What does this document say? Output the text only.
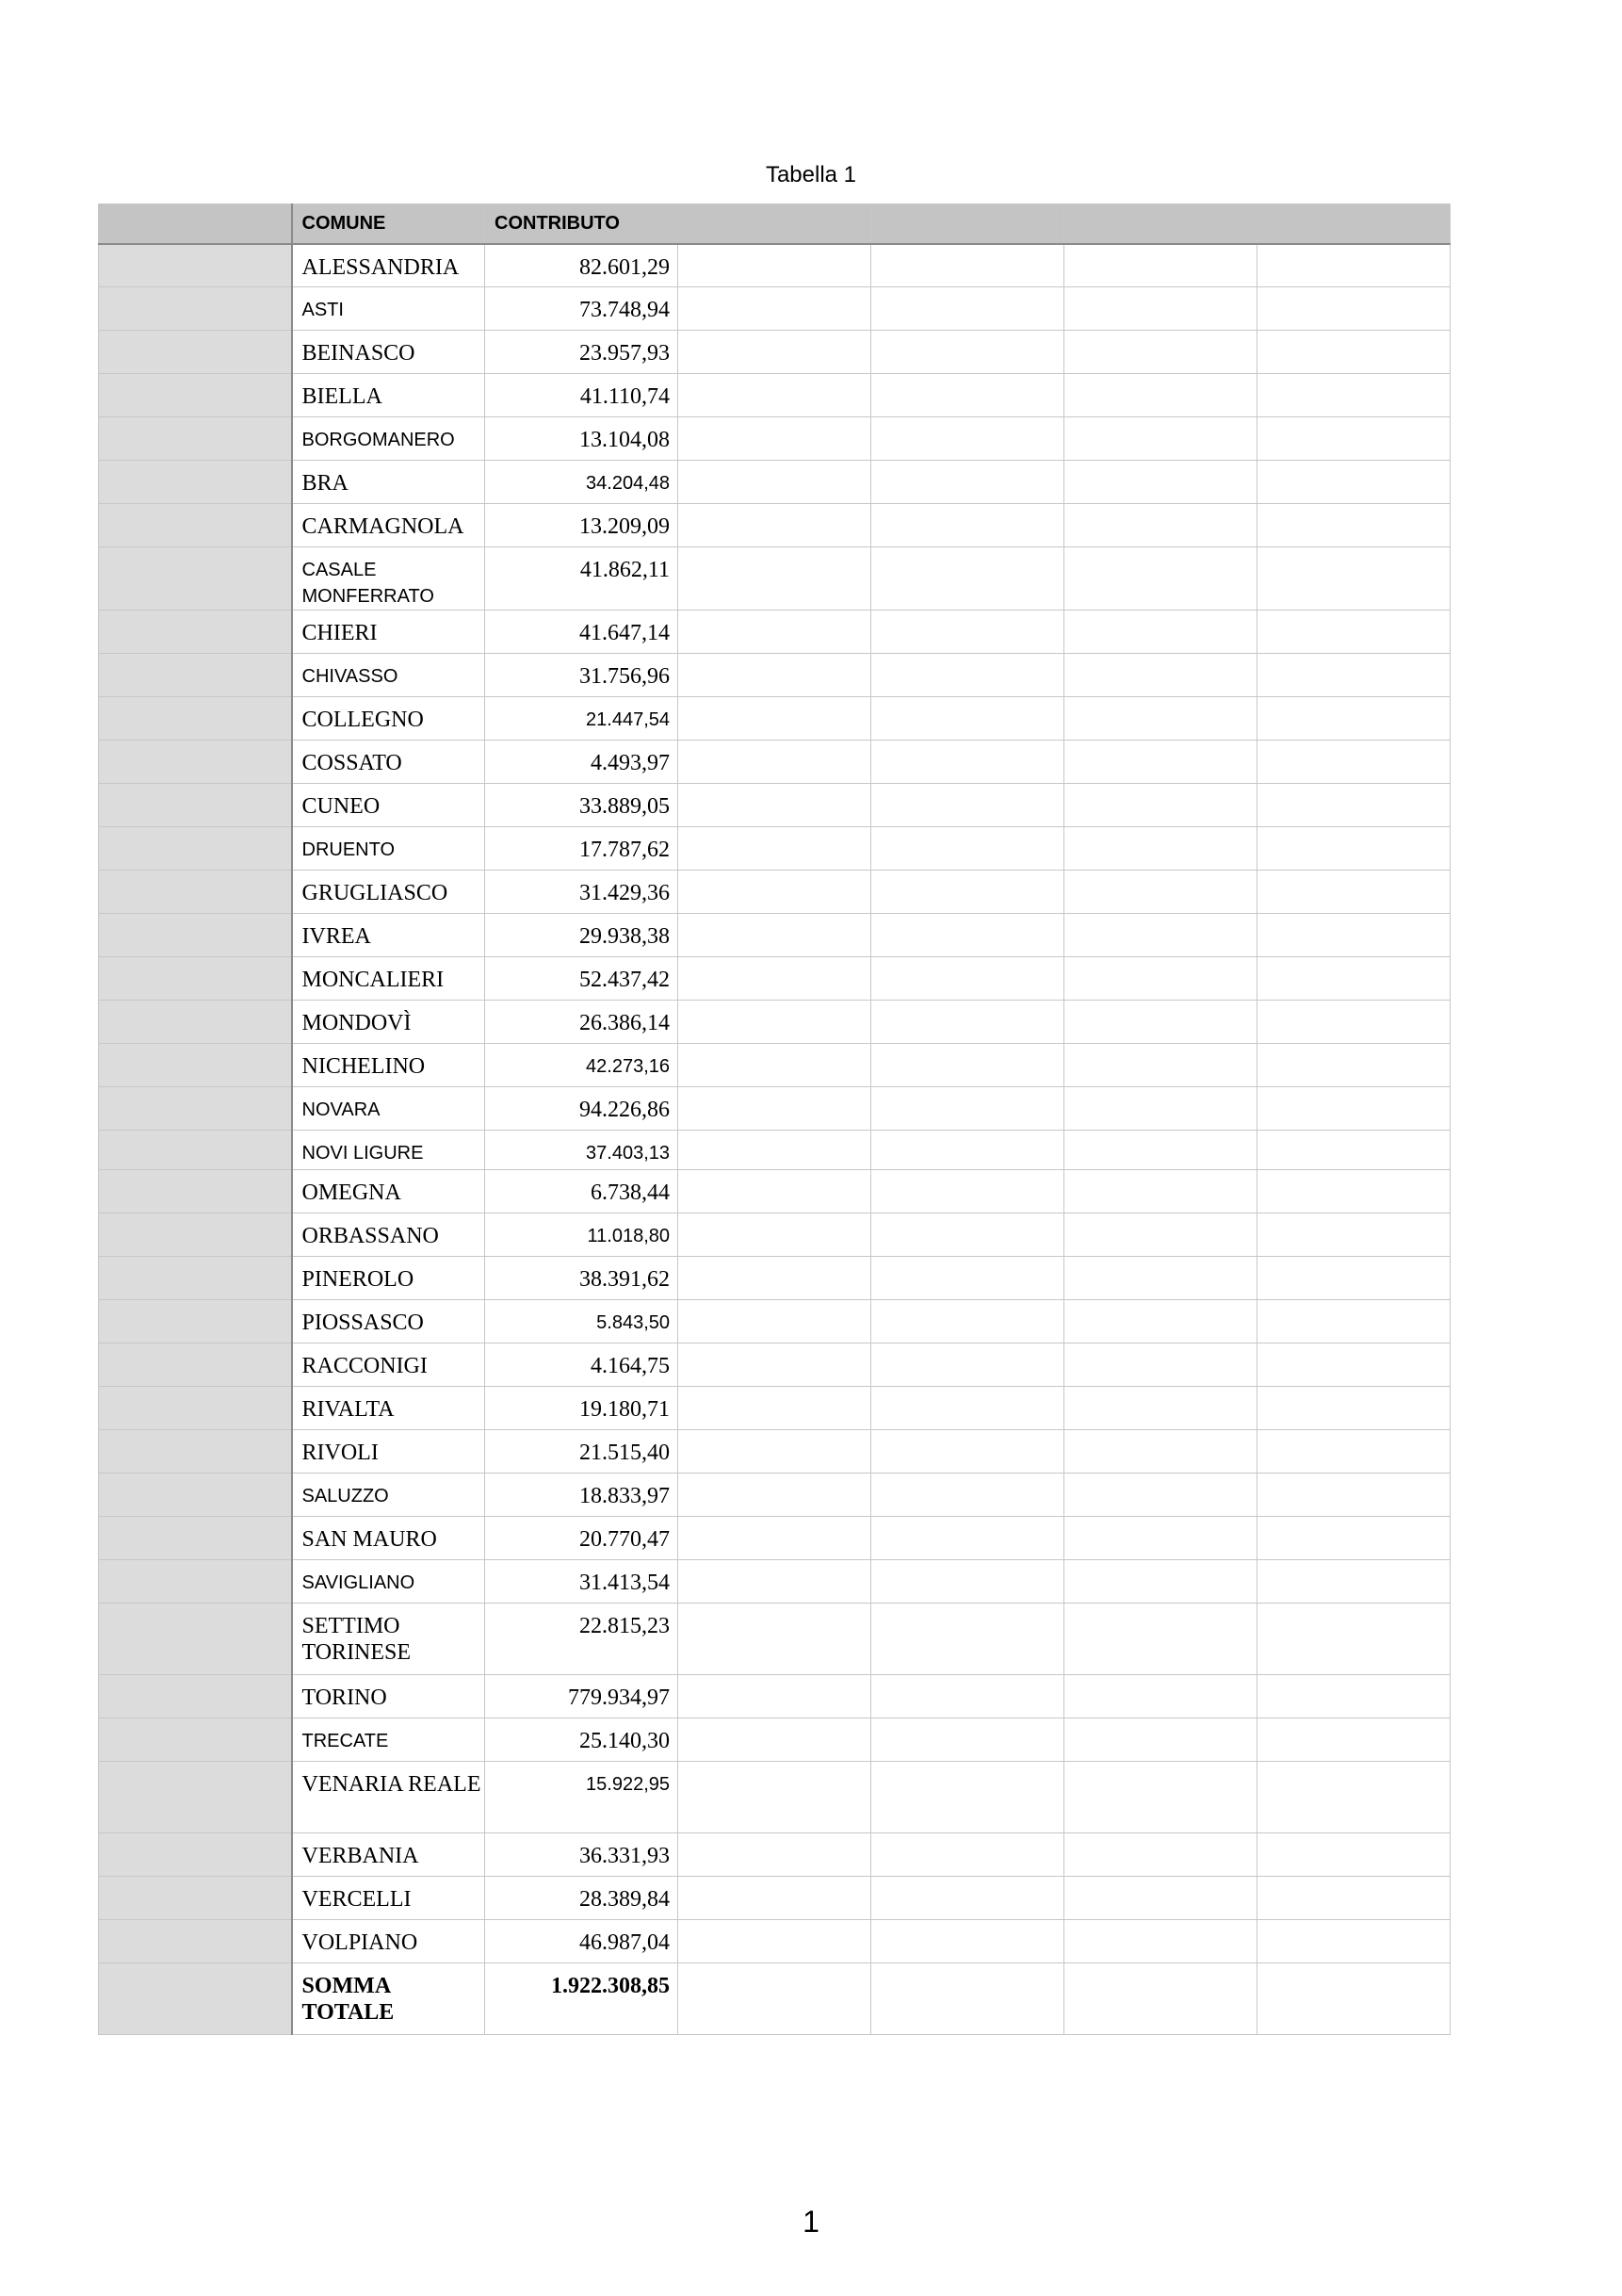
Tabella 1
	COMUNE	CONTRIBUTO				
	ALESSANDRIA	82.601,29				
	ASTI	73.748,94				
	BEINASCO	23.957,93				
	BIELLA	41.110,74				
	BORGOMANERO	13.104,08				
	BRA	34.204,48				
	CARMAGNOLA	13.209,09				
	CASALE MONFERRATO	41.862,11				
	CHIERI	41.647,14				
	CHIVASSO	31.756,96				
	COLLEGNO	21.447,54				
	COSSATO	4.493,97				
	CUNEO	33.889,05				
	DRUENTO	17.787,62				
	GRUGLIASCO	31.429,36				
	IVREA	29.938,38				
	MONCALIERI	52.437,42				
	MONDOVÌ	26.386,14				
	NICHELINO	42.273,16				
	NOVARA	94.226,86				
	NOVI LIGURE	37.403,13				
	OMEGNA	6.738,44				
	ORBASSANO	11.018,80				
	PINEROLO	38.391,62				
	PIOSSASCO	5.843,50				
	RACCONIGI	4.164,75				
	RIVALTA	19.180,71				
	RIVOLI	21.515,40				
	SALUZZO	18.833,97				
	SAN MAURO	20.770,47				
	SAVIGLIANO	31.413,54				
	SETTIMO TORINESE	22.815,23				
	TORINO	779.934,97				
	TRECATE	25.140,30				
	VENARIA REALE	15.922,95				
	VERBANIA	36.331,93				
	VERCELLI	28.389,84				
	VOLPIANO	46.987,04				
	SOMMA TOTALE	1.922.308,85				
1
